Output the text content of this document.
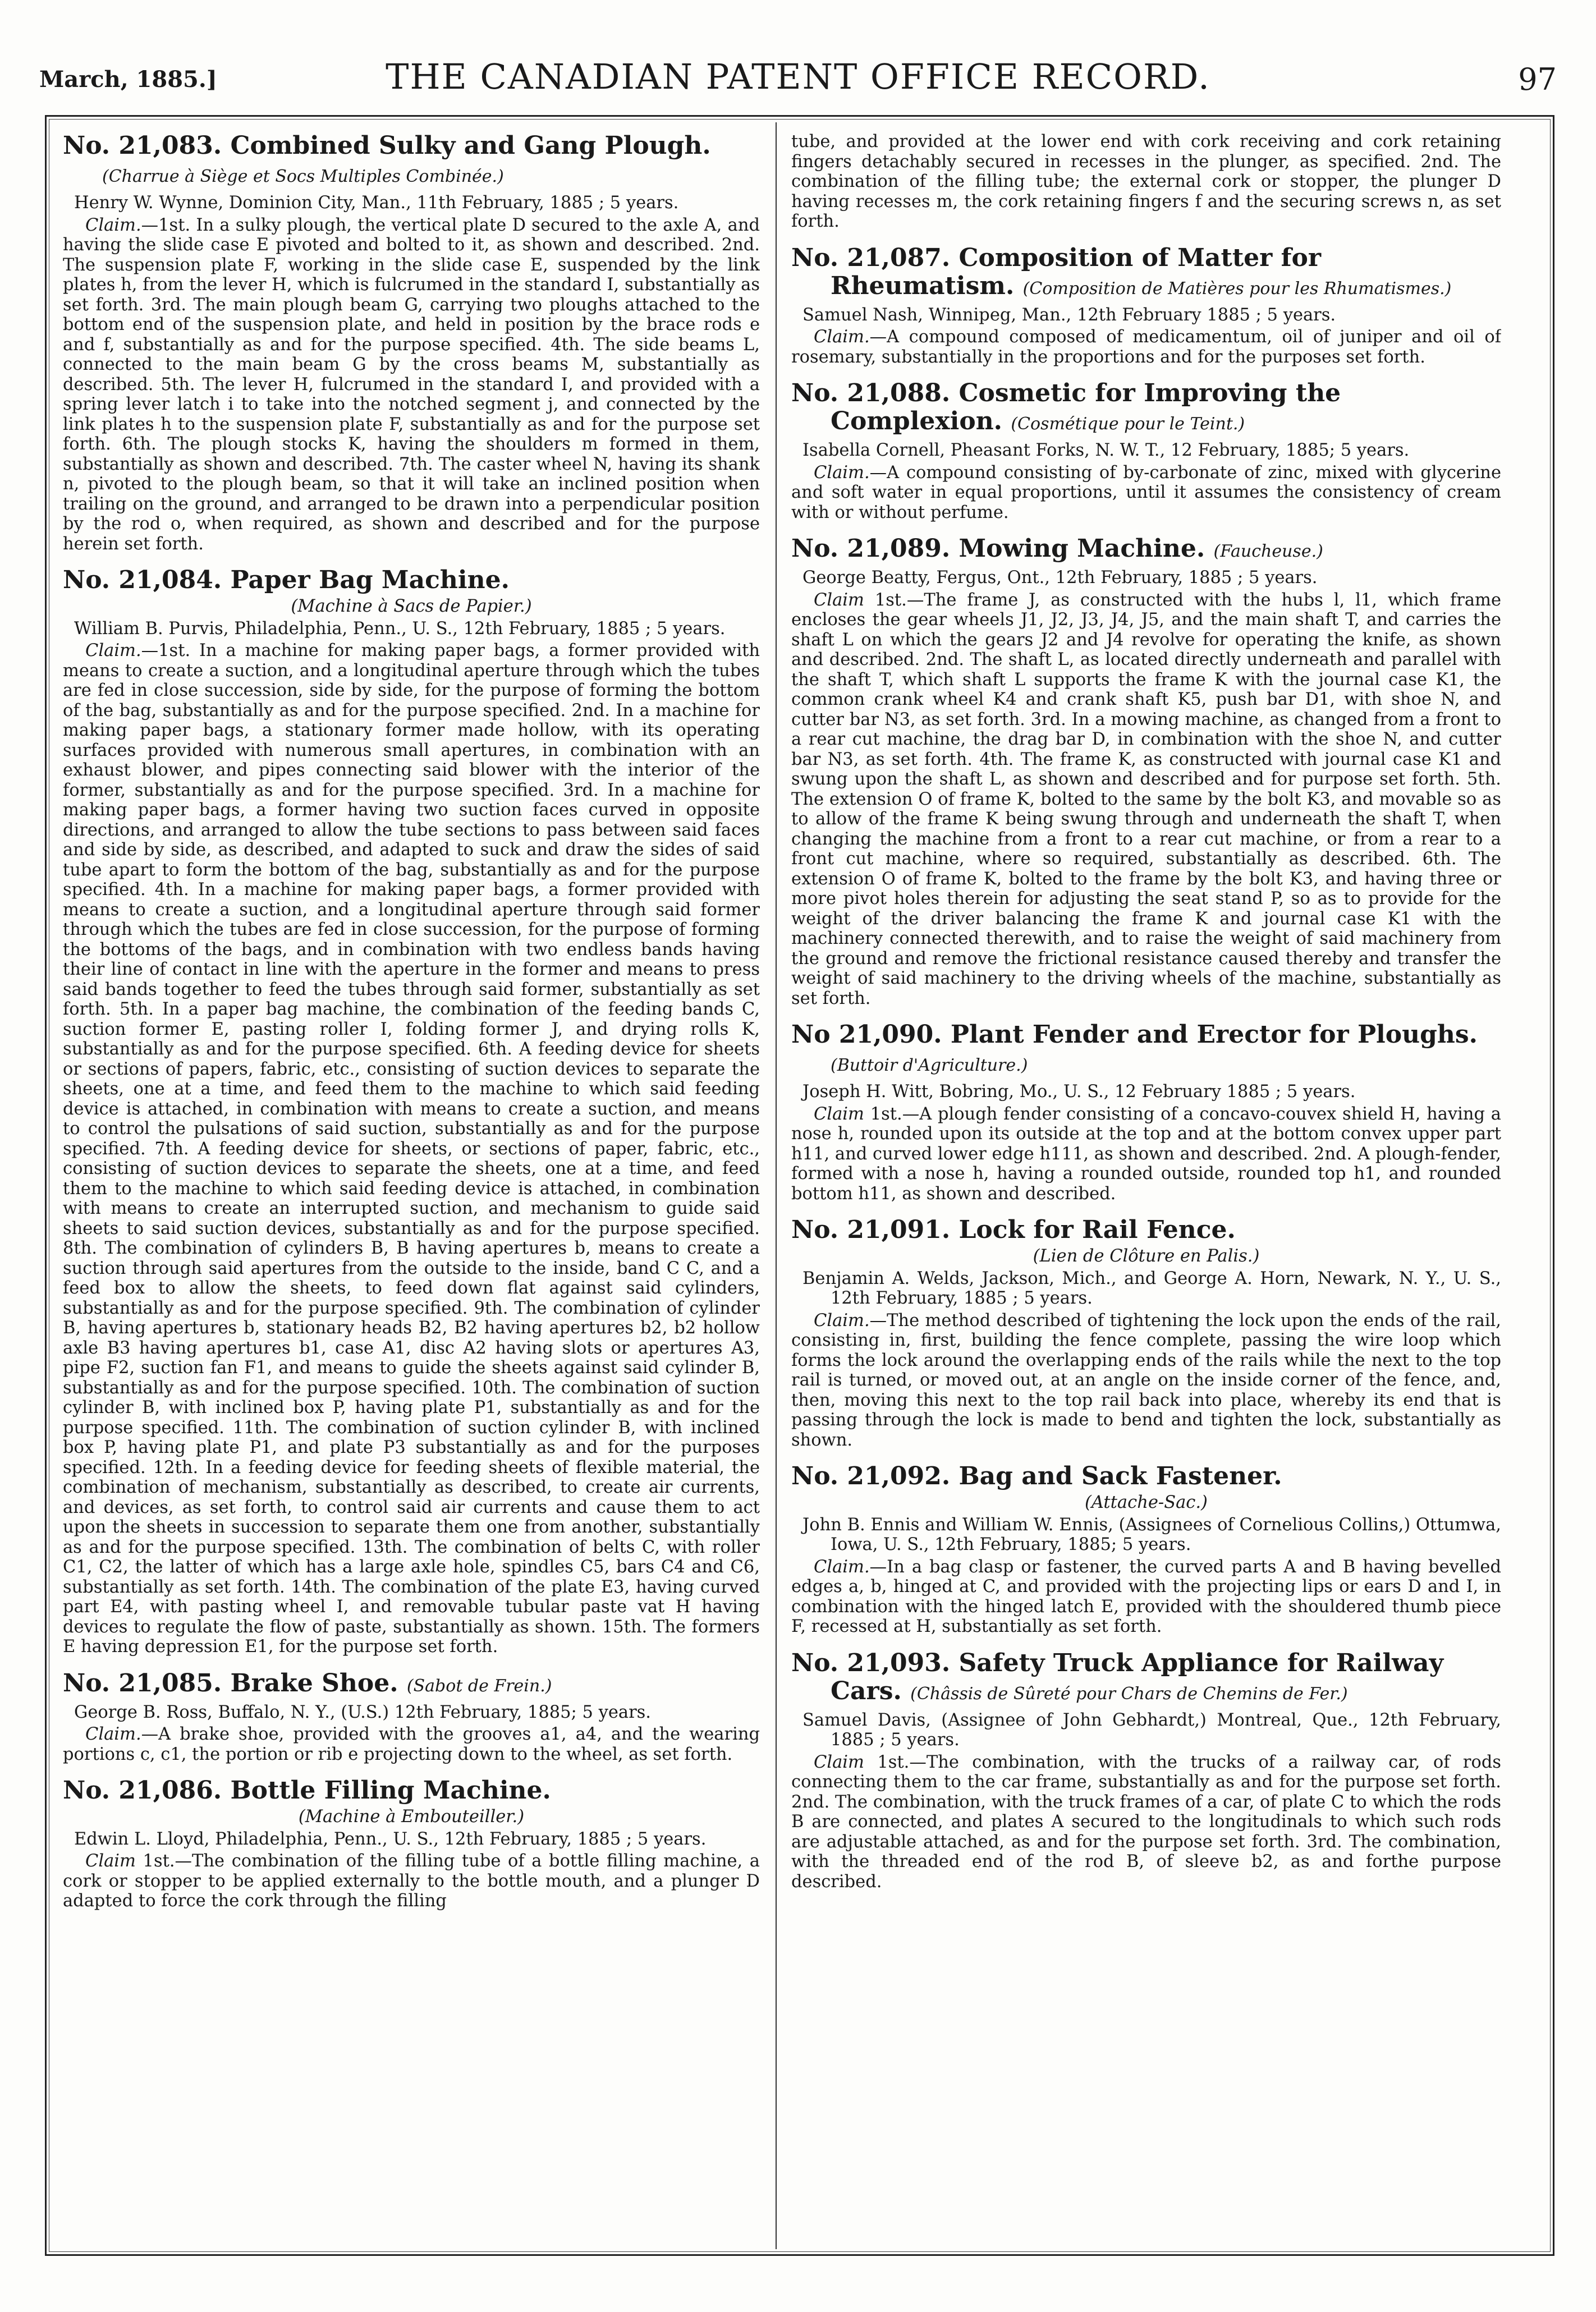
March, 1885.]	THE CANADIAN PATENT OFFICE RECORD.	97
No. 21,083. Combined Sulky and Gang Plough. (Charrue à Siège et Socs Multiples Combinée.)

Henry W. Wynne, Dominion City, Man., 11th February, 1885 ; 5 years.

Claim.—1st. In a sulky plough, the vertical plate D secured to the axle A, and having the slide case E pivoted and bolted to it, as shown and described. 2nd. The suspension plate F, working in the slide case E, suspended by the link plates h, from the lever H, which is fulcrumed in the standard I, substantially as set forth. 3rd. The main plough beam G, carrying two ploughs attached to the bottom end of the suspension plate, and held in position by the brace rods e and f, substantially as and for the purpose specified. 4th. The side beams L, connected to the main beam G by the cross beams M, substantially as described. 5th. The lever H, fulcrumed in the standard I, and provided with a spring lever latch i to take into the notched segment j, and connected by the link plates h to the suspension plate F, substantially as and for the purpose set forth. 6th. The plough stocks K, having the shoulders m formed in them, substantially as shown and described. 7th. The caster wheel N, having its shank n, pivoted to the plough beam, so that it will take an inclined position when trailing on the ground, and arranged to be drawn into a perpendicular position by the rod o, when required, as shown and described and for the purpose herein set forth.

No. 21,084. Paper Bag Machine.

(Machine à Sacs de Papier.)

William B. Purvis, Philadelphia, Penn., U. S., 12th February, 1885 ; 5 years.

Claim.—1st. In a machine for making paper bags, a former provided with means to create a suction, and a longitudinal aperture through which the tubes are fed in close succession, side by side, for the purpose of forming the bottom of the bag, substantially as and for the purpose specified. 2nd. In a machine for making paper bags, a stationary former made hollow, with its operating surfaces provided with numerous small apertures, in combination with an exhaust blower, and pipes connecting said blower with the interior of the former, substantially as and for the purpose specified. 3rd. In a machine for making paper bags, a former having two suction faces curved in opposite directions, and arranged to allow the tube sections to pass between said faces and side by side, as described, and adapted to suck and draw the sides of said tube apart to form the bottom of the bag, substantially as and for the purpose specified. 4th. In a machine for making paper bags, a former provided with means to create a suction, and a longitudinal aperture through said former through which the tubes are fed in close succession, for the purpose of forming the bottoms of the bags, and in combination with two endless bands having their line of contact in line with the aperture in the former and means to press said bands together to feed the tubes through said former, substantially as set forth. 5th. In a paper bag machine, the combination of the feeding bands C, suction former E, pasting roller I, folding former J, and drying rolls K, substantially as and for the purpose specified. 6th. A feeding device for sheets or sections of papers, fabric, etc., consisting of suction devices to separate the sheets, one at a time, and feed them to the machine to which said feeding device is attached, in combination with means to create a suction, and means to control the pulsations of said suction, substantially as and for the purpose specified. 7th. A feeding device for sheets, or sections of paper, fabric, etc., consisting of suction devices to separate the sheets, one at a time, and feed them to the machine to which said feeding device is attached, in combination with means to create an interrupted suction, and mechanism to guide said sheets to said suction devices, substantially as and for the purpose specified. 8th. The combination of cylinders B, B having apertures b, means to create a suction through said apertures from the outside to the inside, band C C, and a feed box to allow the sheets, to feed down flat against said cylinders, substantially as and for the purpose specified. 9th. The combination of cylinder B, having apertures b, stationary heads B2, B2 having apertures b2, b2 hollow axle B3 having apertures b1, case A1, disc A2 having slots or apertures A3, pipe F2, suction fan F1, and means to guide the sheets against said cylinder B, substantially as and for the purpose specified. 10th. The combination of suction cylinder B, with inclined box P, having plate P1, substantially as and for the purpose specified. 11th. The combination of suction cylinder B, with inclined box P, having plate P1, and plate P3 substantially as and for the purposes specified. 12th. In a feeding device for feeding sheets of flexible material, the combination of mechanism, substantially as described, to create air currents, and devices, as set forth, to control said air currents and cause them to act upon the sheets in succession to separate them one from another, substantially as and for the purpose specified. 13th. The combination of belts C, with roller C1, C2, the latter of which has a large axle hole, spindles C5, bars C4 and C6, substantially as set forth. 14th. The combination of the plate E3, having curved part E4, with pasting wheel I, and removable tubular paste vat H having devices to regulate the flow of paste, substantially as shown. 15th. The formers E having depression E1, for the purpose set forth.

No. 21,085. Brake Shoe. (Sabot de Frein.)

George B. Ross, Buffalo, N. Y., (U.S.) 12th February, 1885; 5 years.

Claim.—A brake shoe, provided with the grooves a1, a4, and the wearing portions c, c1, the portion or rib e projecting down to the wheel, as set forth.

No. 21,086. Bottle Filling Machine.

(Machine à Embouteiller.)

Edwin L. Lloyd, Philadelphia, Penn., U. S., 12th February, 1885 ; 5 years.

Claim 1st.—The combination of the filling tube of a bottle filling machine, a cork or stopper to be applied externally to the bottle mouth, and a plunger D adapted to force the cork through the filling

tube, and provided at the lower end with cork receiving and cork retaining fingers detachably secured in recesses in the plunger, as specified. 2nd. The combination of the filling tube; the external cork or stopper, the plunger D having recesses m, the cork retaining fingers f and the securing screws n, as set forth.

No. 21,087. Composition of Matter for Rheumatism. (Composition de Matières pour les Rhumatismes.)

Samuel Nash, Winnipeg, Man., 12th February 1885 ; 5 years.

Claim.—A compound composed of medicamentum, oil of juniper and oil of rosemary, substantially in the proportions and for the purposes set forth.

No. 21,088. Cosmetic for Improving the Complexion. (Cosmétique pour le Teint.)

Isabella Cornell, Pheasant Forks, N. W. T., 12 February, 1885; 5 years.

Claim.—A compound consisting of by-carbonate of zinc, mixed with glycerine and soft water in equal proportions, until it assumes the consistency of cream with or without perfume.

No. 21,089. Mowing Machine. (Faucheuse.)

George Beatty, Fergus, Ont., 12th February, 1885 ; 5 years.

Claim 1st.—The frame J, as constructed with the hubs l, l1, which frame encloses the gear wheels J1, J2, J3, J4, J5, and the main shaft T, and carries the shaft L on which the gears J2 and J4 revolve for operating the knife, as shown and described. 2nd. The shaft L, as located directly underneath and parallel with the shaft T, which shaft L supports the frame K with the journal case K1, the common crank wheel K4 and crank shaft K5, push bar D1, with shoe N, and cutter bar N3, as set forth. 3rd. In a mowing machine, as changed from a front to a rear cut machine, the drag bar D, in combination with the shoe N, and cutter bar N3, as set forth. 4th. The frame K, as constructed with journal case K1 and swung upon the shaft L, as shown and described and for purpose set forth. 5th. The extension O of frame K, bolted to the same by the bolt K3, and movable so as to allow of the frame K being swung through and underneath the shaft T, when changing the machine from a front to a rear cut machine, or from a rear to a front cut machine, where so required, substantially as described. 6th. The extension O of frame K, bolted to the frame by the bolt K3, and having three or more pivot holes therein for adjusting the seat stand P, so as to provide for the weight of the driver balancing the frame K and journal case K1 with the machinery connected therewith, and to raise the weight of said machinery from the ground and remove the frictional resistance caused thereby and transfer the weight of said machinery to the driving wheels of the machine, substantially as set forth.

No 21,090. Plant Fender and Erector for Ploughs. (Buttoir d'Agriculture.)

Joseph H. Witt, Bobring, Mo., U. S., 12 February 1885 ; 5 years.

Claim 1st.—A plough fender consisting of a concavo-couvex shield H, having a nose h, rounded upon its outside at the top and at the bottom convex upper part h11, and curved lower edge h111, as shown and described. 2nd. A plough-fender, formed with a nose h, having a rounded outside, rounded top h1, and rounded bottom h11, as shown and described.

No. 21,091. Lock for Rail Fence.

(Lien de Clôture en Palis.)

Benjamin A. Welds, Jackson, Mich., and George A. Horn, Newark, N. Y., U. S., 12th February, 1885 ; 5 years.

Claim.—The method described of tightening the lock upon the ends of the rail, consisting in, first, building the fence complete, passing the wire loop which forms the lock around the overlapping ends of the rails while the next to the top rail is turned, or moved out, at an angle on the inside corner of the fence, and, then, moving this next to the top rail back into place, whereby its end that is passing through the lock is made to bend and tighten the lock, substantially as shown.

No. 21,092. Bag and Sack Fastener.

(Attache-Sac.)

John B. Ennis and William W. Ennis, (Assignees of Cornelious Collins,) Ottumwa, Iowa, U. S., 12th February, 1885; 5 years.

Claim.—In a bag clasp or fastener, the curved parts A and B having bevelled edges a, b, hinged at C, and provided with the projecting lips or ears D and I, in combination with the hinged latch E, provided with the shouldered thumb piece F, recessed at H, substantially as set forth.

No. 21,093. Safety Truck Appliance for Railway Cars. (Châssis de Sûreté pour Chars de Chemins de Fer.)

Samuel Davis, (Assignee of John Gebhardt,) Montreal, Que., 12th February, 1885 ; 5 years.

Claim 1st.—The combination, with the trucks of a railway car, of rods connecting them to the car frame, substantially as and for the purpose set forth. 2nd. The combination, with the truck frames of a car, of plate C to which the rods B are connected, and plates A secured to the longitudinals to which such rods are adjustable attached, as and for the purpose set forth. 3rd. The combination, with the threaded end of the rod B, of sleeve b2, as and forthe purpose described.
